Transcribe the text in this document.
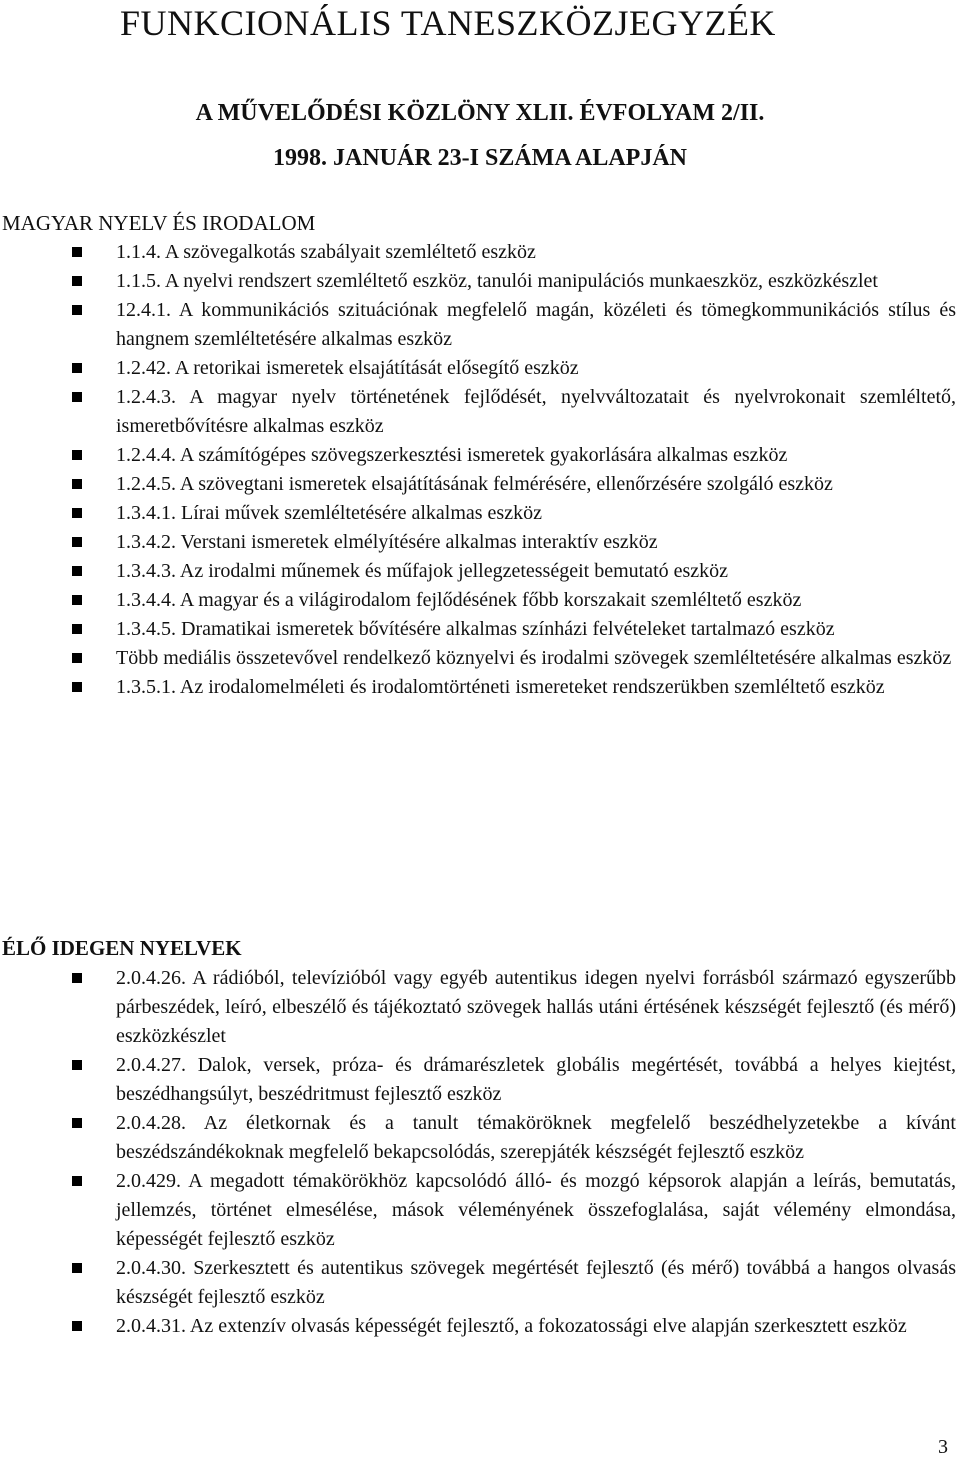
FUNKCIONÁLIS TANESZKÖZJEGYZÉK

A MŰVELŐDÉSI KÖZLÖNY XLII. ÉVFOLYAM 2/II.

1998. JANUÁR 23-I SZÁMA ALAPJÁN

MAGYAR NYELV ÉS IRODALOM
1.1.4. A szövegalkotás szabályait szemléltető eszköz
1.1.5. A nyelvi rendszert szemléltető eszköz, tanulói manipulációs munkaeszköz, eszközkészlet
12.4.1. A kommunikációs szituációnak megfelelő magán, közéleti és tömegkommunikációs stílus és hangnem szemléltetésére alkalmas eszköz
1.2.42. A retorikai ismeretek elsajátítását elősegítő eszköz
1.2.4.3. A magyar nyelv történetének fejlődését, nyelvváltozatait és nyelvrokonait szemléltető, ismeretbővítésre alkalmas eszköz
1.2.4.4. A számítógépes szövegszerkesztési ismeretek gyakorlására alkalmas eszköz
1.2.4.5. A szövegtani ismeretek elsajátításának felmérésére, ellenőrzésére szolgáló eszköz
1.3.4.1. Lírai művek szemléltetésére alkalmas eszköz
1.3.4.2. Verstani ismeretek elmélyítésére alkalmas interaktív eszköz
1.3.4.3. Az irodalmi műnemek és műfajok jellegzetességeit bemutató eszköz
1.3.4.4. A magyar és a világirodalom fejlődésének főbb korszakait szemléltető eszköz
1.3.4.5. Dramatikai ismeretek bővítésére alkalmas színházi felvételeket tartalmazó eszköz
Több mediális összetevővel rendelkező köznyelvi és irodalmi szövegek szemléltetésére alkalmas eszköz
1.3.5.1. Az irodalomelméleti és irodalomtörténeti ismereteket rendszerükben szemléltető eszköz
ÉLŐ IDEGEN NYELVEK
2.0.4.26. A rádióból, televízióból vagy egyéb autentikus idegen nyelvi forrásból származó egyszerűbb párbeszédek, leíró, elbeszélő és tájékoztató szövegek hallás utáni értésének készségét fejlesztő (és mérő) eszközkészlet
2.0.4.27. Dalok, versek, próza- és drámarészletek globális megértését, továbbá a helyes kiejtést, beszédhangsúlyt, beszédritmust fejlesztő eszköz
2.0.4.28. Az életkornak és a tanult témaköröknek megfelelő beszédhelyzetekbe a kívánt beszédszándékoknak megfelelő bekapcsolódás, szerepjáték készségét fejlesztő eszköz
2.0.429. A megadott témakörökhöz kapcsolódó álló- és mozgó képsorok alapján a leírás, bemutatás, jellemzés, történet elmesélése, mások véleményének összefoglalása, saját vélemény elmondása, képességét fejlesztő eszköz
2.0.4.30. Szerkesztett és autentikus szövegek megértését fejlesztő (és mérő) továbbá a hangos olvasás készségét fejlesztő eszköz
2.0.4.31. Az extenzív olvasás képességét fejlesztő, a fokozatossági elve alapján szerkesztett eszköz
3
